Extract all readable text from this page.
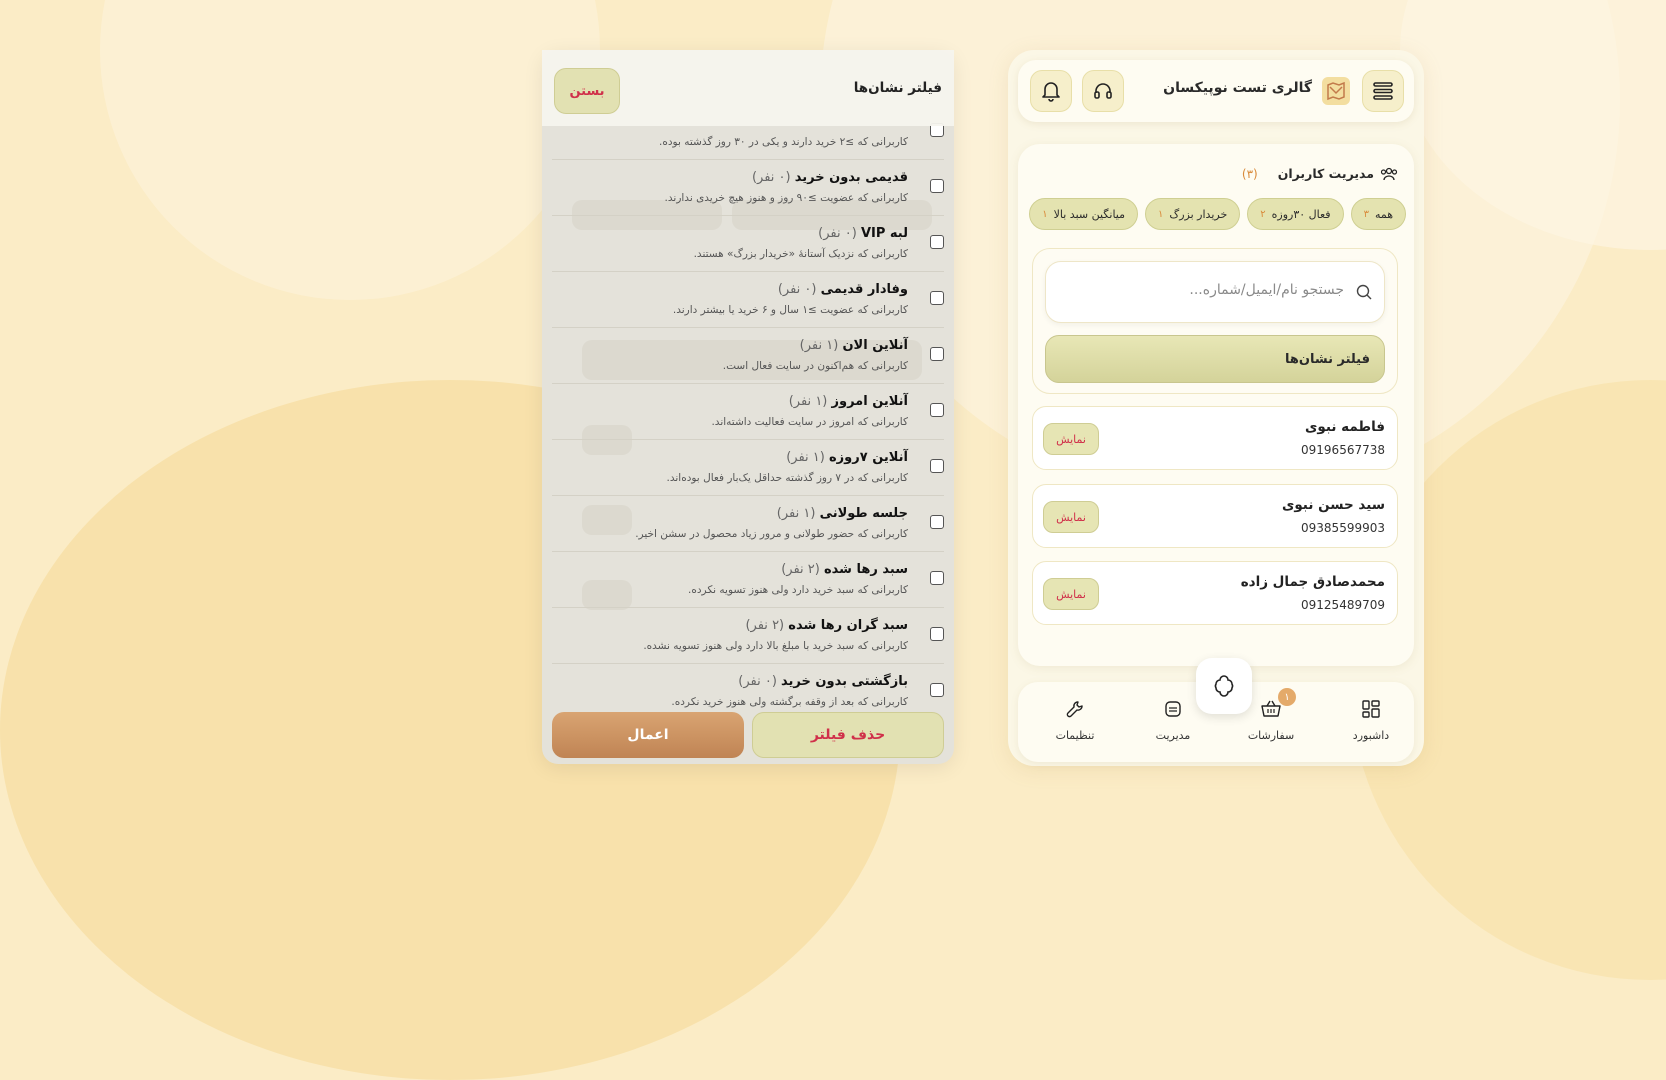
فیلتر نشان‌ها
بستن
کاربرانی که ≥۲ خرید دارند و یکی در ۳۰ روز گذشته بوده.
قدیمی بدون خرید (۰ نفر)
کاربرانی که عضویت ≥۹۰ روز و هنوز هیچ خریدی ندارند.
لبه VIP (۰ نفر)
کاربرانی که نزدیک آستانهٔ «خریدار بزرگ» هستند.
وفادار قدیمی (۰ نفر)
کاربرانی که عضویت ≥۱ سال و ۶ خرید یا بیشتر دارند.
آنلاین الان (۱ نفر)
کاربرانی که هم‌اکنون در سایت فعال است.
آنلاین امروز (۱ نفر)
کاربرانی که امروز در سایت فعالیت داشته‌اند.
آنلاین ۷روزه (۱ نفر)
کاربرانی که در ۷ روز گذشته حداقل یک‌بار فعال بوده‌اند.
جلسه طولانی (۱ نفر)
کاربرانی که حضور طولانی و مرور زیاد محصول در سشن اخیر.
سبد رها شده (۲ نفر)
کاربرانی که سبد خرید دارد ولی هنوز تسویه نکرده.
سبد گران رها شده (۲ نفر)
کاربرانی که سبد خرید با مبلغ بالا دارد ولی هنوز تسویه نشده.
بازگشتی بدون خرید (۰ نفر)
کاربرانی که بعد از وقفه برگشته ولی هنوز خرید نکرده.
حذف فیلتر
اعمال
گالری تست نوپیکسان
مدیریت کاربران
(۳)
همه
۳
فعال ۳۰روزه
۲
خریدار بزرگ
۱
میانگین سبد بالا
۱
جستجو نام/ایمیل/شماره...
فیلتر نشان‌ها
فاطمه نبوی
09196567738
نمایش
سید حسن نبوی
09385599903
نمایش
محمدصادق جمال زاده
09125489709
نمایش
داشبورد
۱
سفارشات
مدیریت
تنظیمات
